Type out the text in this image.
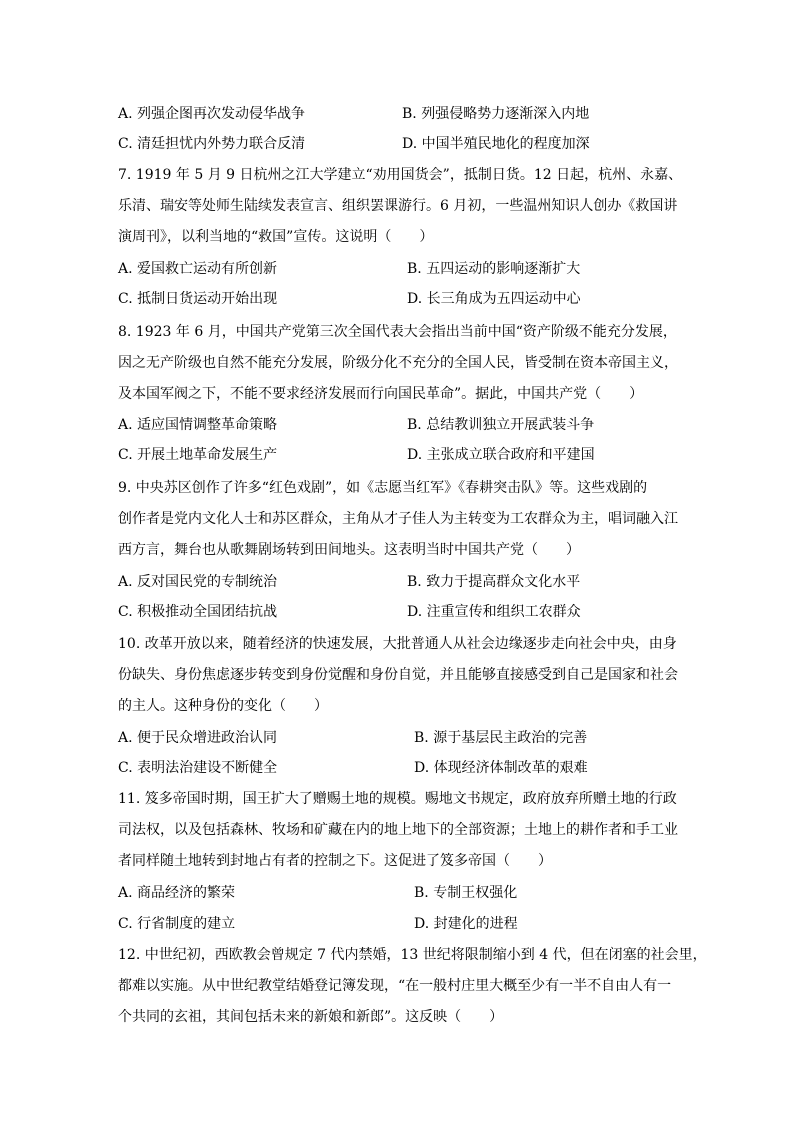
A. 列强企图再次发动侵华战争	B. 列强侵略势力逐渐深入内地
C. 清廷担忧内外势力联合反清	D. 中国半殖民地化的程度加深

7. 1919 年 5 月 9 日杭州之江大学建立“劝用国货会”，抵制日货。12 日起，杭州、永嘉、

乐清、瑞安等处师生陆续发表宣言、组织罢课游行。6 月初，一些温州知识人创办《救国讲

演周刊》，以利当地的“救国”宣传。这说明（　　）

A. 爱国救亡运动有所创新	B. 五四运动的影响逐渐扩大
C. 抵制日货运动开始出现	D. 长三角成为五四运动中心

8. 1923 年 6 月，中国共产党第三次全国代表大会指出当前中国“资产阶级不能充分发展，

因之无产阶级也自然不能充分发展，阶级分化不充分的全国人民，皆受制在资本帝国主义，

及本国军阀之下，不能不要求经济发展而行向国民革命”。据此，中国共产党（　　）

A. 适应国情调整革命策略	B. 总结教训独立开展武装斗争
C. 开展土地革命发展生产	D. 主张成立联合政府和平建国

9. 中央苏区创作了许多“红色戏剧”，如《志愿当红军》《春耕突击队》等。这些戏剧的

创作者是党内文化人士和苏区群众，主角从才子佳人为主转变为工农群众为主，唱词融入江

西方言，舞台也从歌舞剧场转到田间地头。这表明当时中国共产党（　　）

A. 反对国民党的专制统治	B. 致力于提高群众文化水平
C. 积极推动全国团结抗战	D. 注重宣传和组织工农群众

10. 改革开放以来，随着经济的快速发展，大批普通人从社会边缘逐步走向社会中央，由身

份缺失、身份焦虑逐步转变到身份觉醒和身份自觉，并且能够直接感受到自己是国家和社会

的主人。这种身份的变化（　　）

A. 便于民众增进政治认同	B. 源于基层民主政治的完善
C. 表明法治建设不断健全	D. 体现经济体制改革的艰难

11. 笈多帝国时期，国王扩大了赠赐土地的规模。赐地文书规定，政府放弃所赠土地的行政

司法权，以及包括森林、牧场和矿藏在内的地上地下的全部资源；土地上的耕作者和手工业

者同样随土地转到封地占有者的控制之下。这促进了笈多帝国（　　）

A. 商品经济的繁荣	B. 专制王权强化
C. 行省制度的建立	D. 封建化的进程

12. 中世纪初，西欧教会曾规定 7 代内禁婚，13 世纪将限制缩小到 4 代，但在闭塞的社会里，

都难以实施。从中世纪教堂结婚登记簿发现，“在一般村庄里大概至少有一半不自由人有一

个共同的玄祖，其间包括未来的新娘和新郎”。这反映（　　）
